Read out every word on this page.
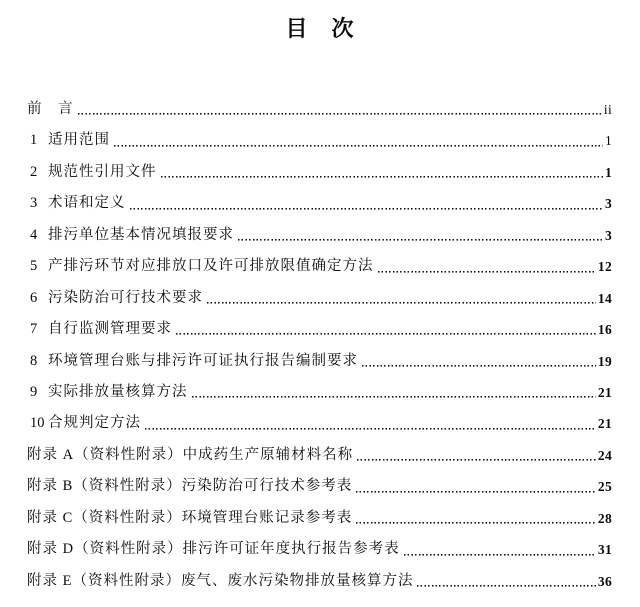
目　次
前　言	ii
1 适用范围	1
2 规范性引用文件	1
3 术语和定义	3
4 排污单位基本情况填报要求	3
5 产排污环节对应排放口及许可排放限值确定方法	12
6 污染防治可行技术要求	14
7 自行监测管理要求	16
8 环境管理台账与排污许可证执行报告编制要求	19
9 实际排放量核算方法	21
10 合规判定方法	21
附录 A（资料性附录）中成药生产原辅材料名称	24
附录 B（资料性附录）污染防治可行技术参考表	25
附录 C（资料性附录）环境管理台账记录参考表	28
附录 D（资料性附录）排污许可证年度执行报告参考表	31
附录 E（资料性附录）废气、废水污染物排放量核算方法	36
